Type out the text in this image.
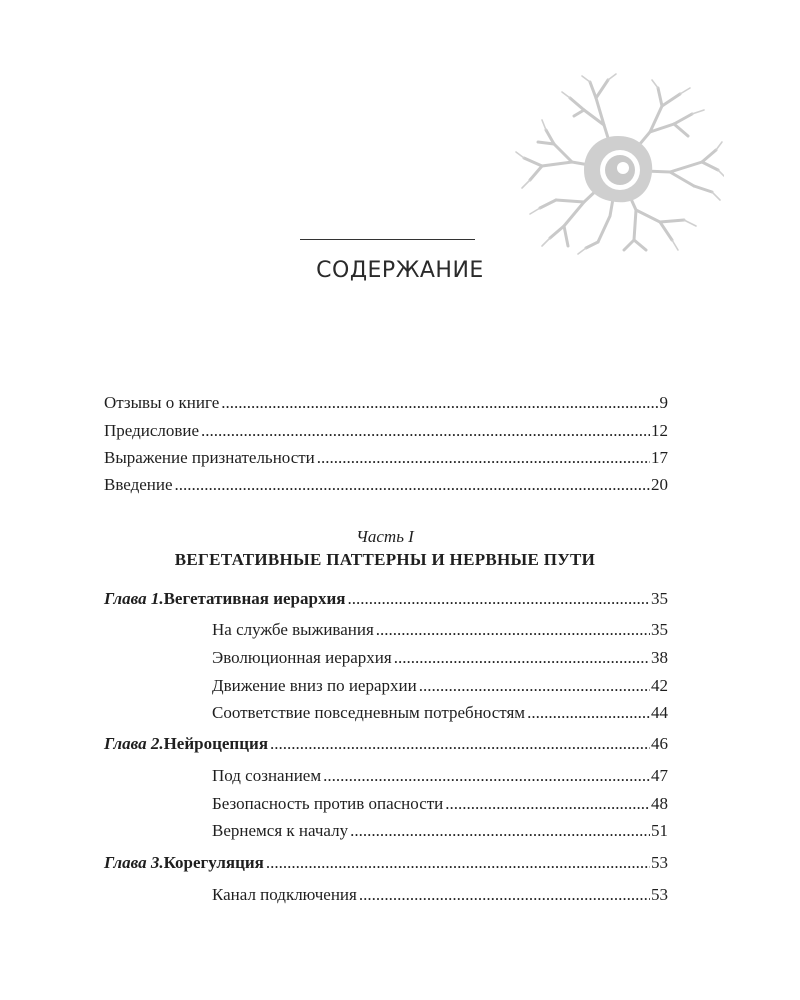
СОДЕРЖАНИЕ
Отзывы о книге .....	9
Предисловие .....	12
Выражение признательности .....	17
Введение .....	20
Часть I
ВЕГЕТАТИВНЫЕ ПАТТЕРНЫ И НЕРВНЫЕ ПУТИ
Глава 1. Вегетативная иерархия .....	35
На службе выживания .....	35
Эволюционная иерархия .....	38
Движение вниз по иерархии .....	42
Соответствие повседневным потребностям .....	44
Глава 2. Нейроцепция .....	46
Под сознанием .....	47
Безопасность против опасности .....	48
Вернемся к началу .....	51
Глава 3. Корегуляция .....	53
Канал подключения .....	53
